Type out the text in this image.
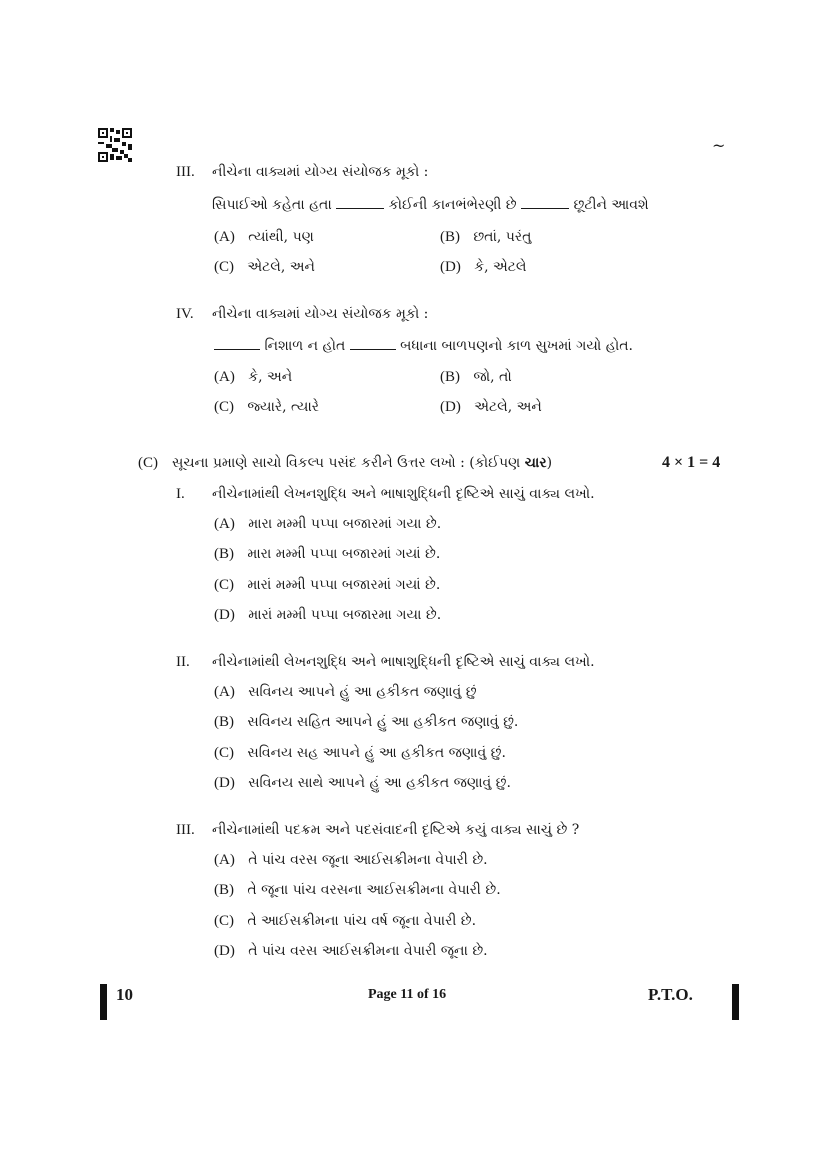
~
III. નીચેના વાક્યમાં યોગ્ય સંયોજક મૂકો :
સિપાઈઓ કહેતા હતા	કોઈની કાનભંભેરણી છે	છૂટીને આવશે
(A) ત્યાંથી, પણ	(B) છતાં, પરંતુ
(C) એટલે, અને	(D) કે, એટલે
IV. નીચેના વાક્યમાં યોગ્ય સંયોજક મૂકો :
નિશાળ ન હોત	બધાના બાળપણનો કાળ સુખમાં ગયો હોત.
(A) કે, અને	(B) જો, તો
(C) જ્યારે, ત્યારે	(D) એટલે, અને
(C) સૂચના પ્રમાણે સાચો વિકલ્પ પસંદ કરીને ઉત્તર લખો : (કોઈપણ ચાર)	4 × 1 = 4
I. નીચેનામાંથી લેખનશુદ્ધિ અને ભાષાશુદ્ધિની દૃષ્ટિએ સાચું વાક્ય લખો.
(A) મારા મમ્મી પપ્પા બજારમાં ગયા છે.
(B) મારા મમ્મી પપ્પા બજારમાં ગયાં છે.
(C) મારાં મમ્મી પપ્પા બજારમાં ગયાં છે.
(D) મારાં મમ્મી પપ્પા બજારમા ગયા છે.
II. નીચેનામાંથી લેખનશુદ્ધિ અને ભાષાશુદ્ધિની દૃષ્ટિએ સાચું વાક્ય લખો.
(A) સવિનય આપને હું આ હકીકત જણાવું છું
(B) સવિનય સહિત આપને હું આ હકીકત જણાવું છું.
(C) સવિનય સહ આપને હું આ હકીકત જણાવું છું.
(D) સવિનય સાથે આપને હું આ હકીકત જણાવું છું.
III. નીચેનામાંથી પદક્રમ અને પદસંવાદની દૃષ્ટિએ કયું વાક્ય સાચું છે ?
(A) તે પાંચ વરસ જૂના આઈસક્રીમના વેપારી છે.
(B) તે જૂના પાંચ વરસના આઈસક્રીમના વેપારી છે.
(C) તે આઈસક્રીમના પાંચ વર્ષ જૂના વેપારી છે.
(D) તે પાંચ વરસ આઈસક્રીમના વેપારી જૂના છે.
10	Page 11 of 16	P.T.O.
